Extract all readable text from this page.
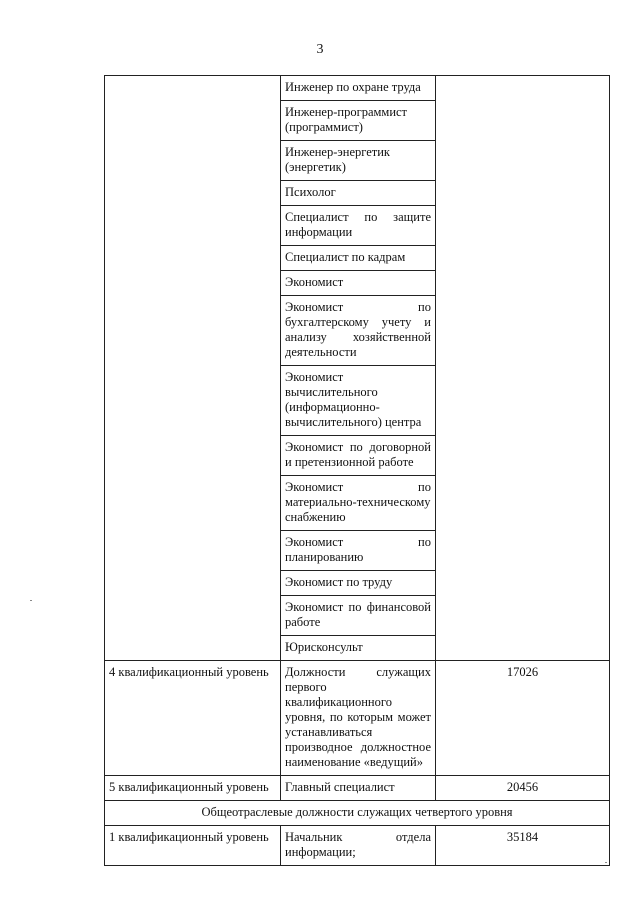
3
	Инженер по охране труда	
	Инженер-программист (программист)	
	Инженер-энергетик (энергетик)	
	Психолог	
	Специалист по защите информации	
	Специалист по кадрам	
	Экономист	
	Экономист по бухгалтерскому учету и анализу хозяйственной деятельности	
	Экономист вычислительного (информационно-вычислительного) центра	
	Экономист по договорной и претензионной работе	
	Экономист по материально-техническому снабжению	
	Экономист по планированию	
	Экономист по труду	
	Экономист по финансовой работе	
	Юрисконсульт	
4 квалификационный уровень	Должности служащих первого квалификационного уровня, по которым может устанавливаться производное должностное наименование «ведущий»	17026
5 квалификационный уровень	Главный специалист	20456
Общеотраслевые должности служащих четвертого уровня		
1 квалификационный уровень	Начальник отдела информации;	35184
